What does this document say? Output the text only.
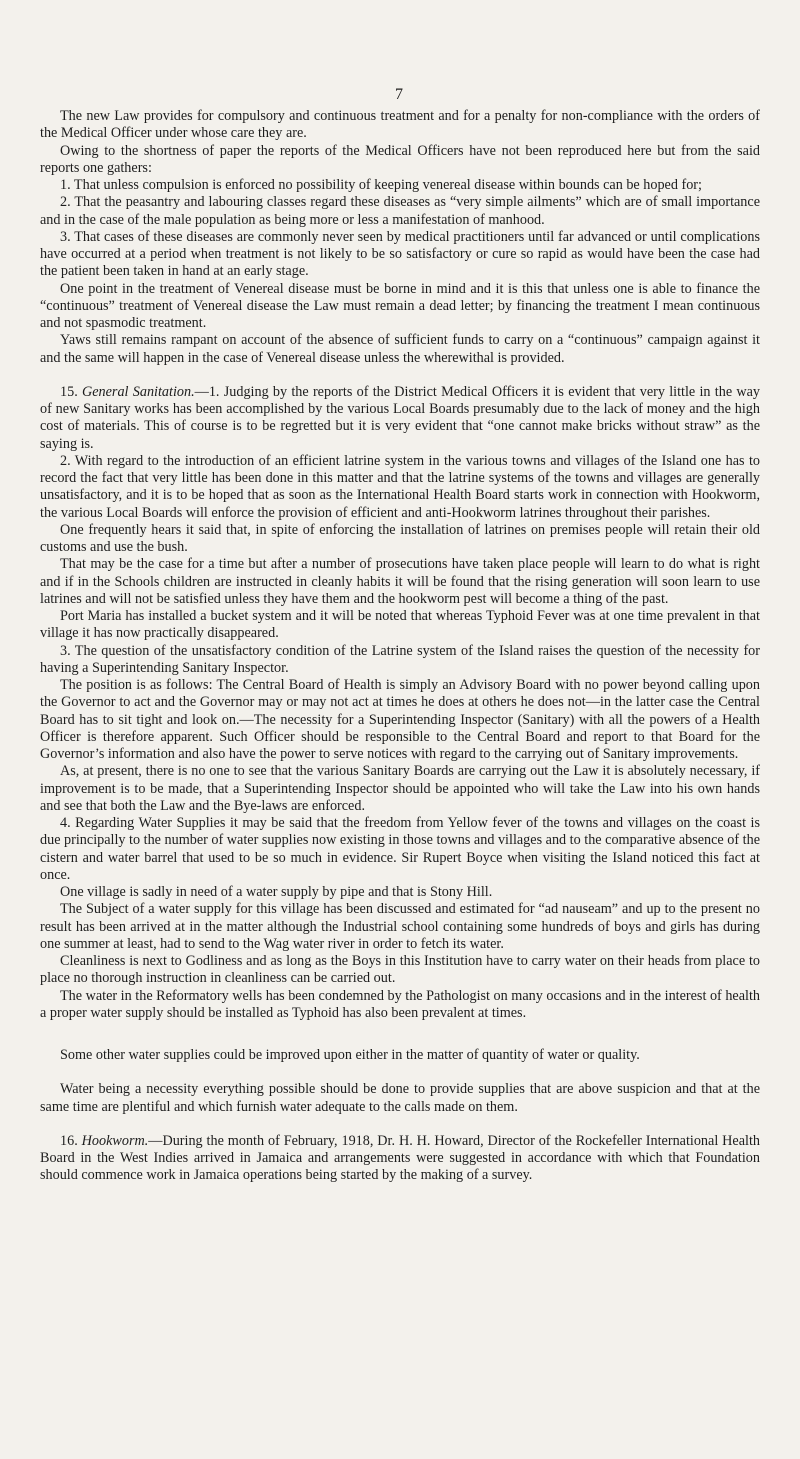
7

The new Law provides for compulsory and continuous treatment and for a penalty for non-compliance with the orders of the Medical Officer under whose care they are.

Owing to the shortness of paper the reports of the Medical Officers have not been reproduced here but from the said reports one gathers:

1. That unless compulsion is enforced no possibility of keeping venereal disease within bounds can be hoped for;

2. That the peasantry and labouring classes regard these diseases as “very simple ailments” which are of small importance and in the case of the male population as being more or less a manifestation of manhood.

3. That cases of these diseases are commonly never seen by medical practitioners until far advanced or until complications have occurred at a period when treatment is not likely to be so satisfactory or cure so rapid as would have been the case had the patient been taken in hand at an early stage.

One point in the treatment of Venereal disease must be borne in mind and it is this that unless one is able to finance the “continuous” treatment of Venereal disease the Law must remain a dead letter; by financing the treatment I mean continuous and not spasmodic treatment.

Yaws still remains rampant on account of the absence of sufficient funds to carry on a “continuous” campaign against it and the same will happen in the case of Venereal disease unless the wherewithal is provided.

15. General Sanitation.—1. Judging by the reports of the District Medical Officers it is evident that very little in the way of new Sanitary works has been accomplished by the various Local Boards presumably due to the lack of money and the high cost of materials. This of course is to be regretted but it is very evident that “one cannot make bricks without straw” as the saying is.

2. With regard to the introduction of an efficient latrine system in the various towns and villages of the Island one has to record the fact that very little has been done in this matter and that the latrine systems of the towns and villages are generally unsatisfactory, and it is to be hoped that as soon as the International Health Board starts work in connection with Hookworm, the various Local Boards will enforce the provision of efficient and anti-Hookworm latrines throughout their parishes.

One frequently hears it said that, in spite of enforcing the installation of latrines on premises people will retain their old customs and use the bush.

That may be the case for a time but after a number of prosecutions have taken place people will learn to do what is right and if in the Schools children are instructed in cleanly habits it will be found that the rising generation will soon learn to use latrines and will not be satisfied unless they have them and the hookworm pest will become a thing of the past.

Port Maria has installed a bucket system and it will be noted that whereas Typhoid Fever was at one time prevalent in that village it has now practically disappeared.

3. The question of the unsatisfactory condition of the Latrine system of the Island raises the question of the necessity for having a Superintending Sanitary Inspector.

The position is as follows: The Central Board of Health is simply an Advisory Board with no power beyond calling upon the Governor to act and the Governor may or may not act at times he does at others he does not—in the latter case the Central Board has to sit tight and look on.—The necessity for a Superintending Inspector (Sanitary) with all the powers of a Health Officer is therefore apparent. Such Officer should be responsible to the Central Board and report to that Board for the Governor’s information and also have the power to serve notices with regard to the carrying out of Sanitary improvements.

As, at present, there is no one to see that the various Sanitary Boards are carrying out the Law it is absolutely necessary, if improvement is to be made, that a Superintending Inspector should be appointed who will take the Law into his own hands and see that both the Law and the Bye-laws are enforced.

4. Regarding Water Supplies it may be said that the freedom from Yellow fever of the towns and villages on the coast is due principally to the number of water supplies now existing in those towns and villages and to the comparative absence of the cistern and water barrel that used to be so much in evidence. Sir Rupert Boyce when visiting the Island noticed this fact at once.

One village is sadly in need of a water supply by pipe and that is Stony Hill.

The Subject of a water supply for this village has been discussed and estimated for “ad nauseam” and up to the present no result has been arrived at in the matter although the Industrial school containing some hundreds of boys and girls has during one summer at least, had to send to the Wag water river in order to fetch its water.

Cleanliness is next to Godliness and as long as the Boys in this Institution have to carry water on their heads from place to place no thorough instruction in cleanliness can be carried out.

The water in the Reformatory wells has been condemned by the Pathologist on many occasions and in the interest of health a proper water supply should be installed as Typhoid has also been prevalent at times.

Some other water supplies could be improved upon either in the matter of quantity of water or quality.

Water being a necessity everything possible should be done to provide supplies that are above suspicion and that at the same time are plentiful and which furnish water adequate to the calls made on them.

16. Hookworm.—During the month of February, 1918, Dr. H. H. Howard, Director of the Rockefeller International Health Board in the West Indies arrived in Jamaica and arrangements were suggested in accordance with which that Foundation should commence work in Jamaica operations being started by the making of a survey.
